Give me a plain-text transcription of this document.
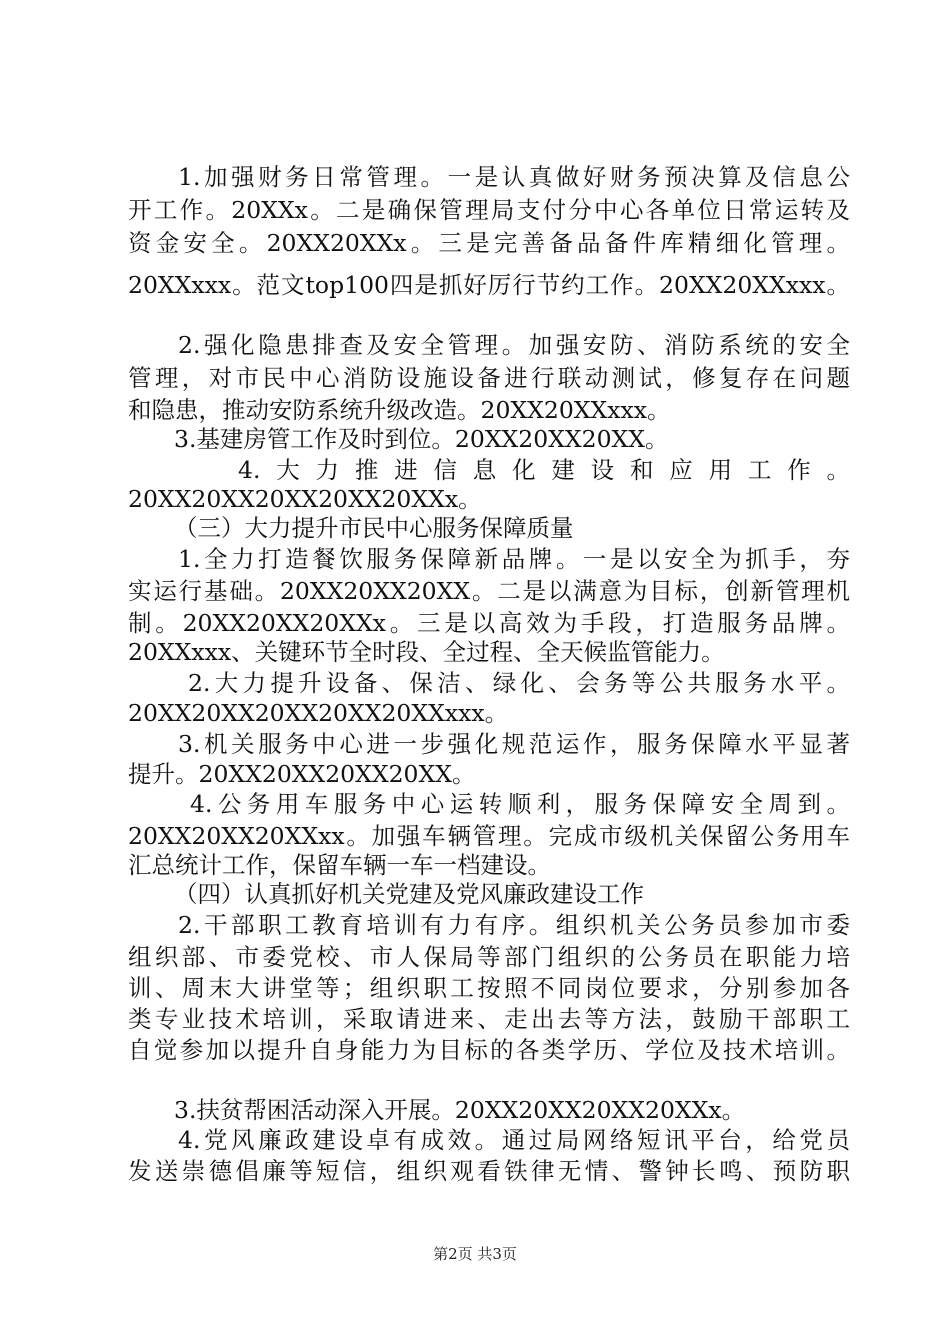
1.加强财务日常管理。一是认真做好财务预决算及信息公
开工作。20XXx。二是确保管理局支付分中心各单位日常运转及
资金安全。20XX20XXx。三是完善备品备件库精细化管理。
20XXxxx。范文top100四是抓好厉行节约工作。20XX20XXxxx。
2.强化隐患排查及安全管理。加强安防、消防系统的安全
管理，对市民中心消防设施设备进行联动测试，修复存在问题
和隐患，推动安防系统升级改造。20XX20XXxxx。
3.基建房管工作及时到位。20XX20XX20XX。
4.大力推进信息化建设和应用工作。
20XX20XX20XX20XX20XXx。
（三）大力提升市民中心服务保障质量
1.全力打造餐饮服务保障新品牌。一是以安全为抓手，夯
实运行基础。20XX20XX20XX。二是以满意为目标，创新管理机
制。20XX20XX20XXx。三是以高效为手段，打造服务品牌。
20XXxxx、关键环节全时段、全过程、全天候监管能力。
2.大力提升设备、保洁、绿化、会务等公共服务水平。
20XX20XX20XX20XX20XXxxx。
3.机关服务中心进一步强化规范运作，服务保障水平显著
提升。20XX20XX20XX20XX。
4.公务用车服务中心运转顺利，服务保障安全周到。
20XX20XX20XXxx。加强车辆管理。完成市级机关保留公务用车
汇总统计工作，保留车辆一车一档建设。
（四）认真抓好机关党建及党风廉政建设工作
2.干部职工教育培训有力有序。组织机关公务员参加市委
组织部、市委党校、市人保局等部门组织的公务员在职能力培
训、周末大讲堂等；组织职工按照不同岗位要求，分别参加各
类专业技术培训，采取请进来、走出去等方法，鼓励干部职工
自觉参加以提升自身能力为目标的各类学历、学位及技术培训。
3.扶贫帮困活动深入开展。20XX20XX20XX20XXx。
4.党风廉政建设卓有成效。通过局网络短讯平台，给党员
发送崇德倡廉等短信，组织观看铁律无情、警钟长鸣、预防职
第2页 共3页
